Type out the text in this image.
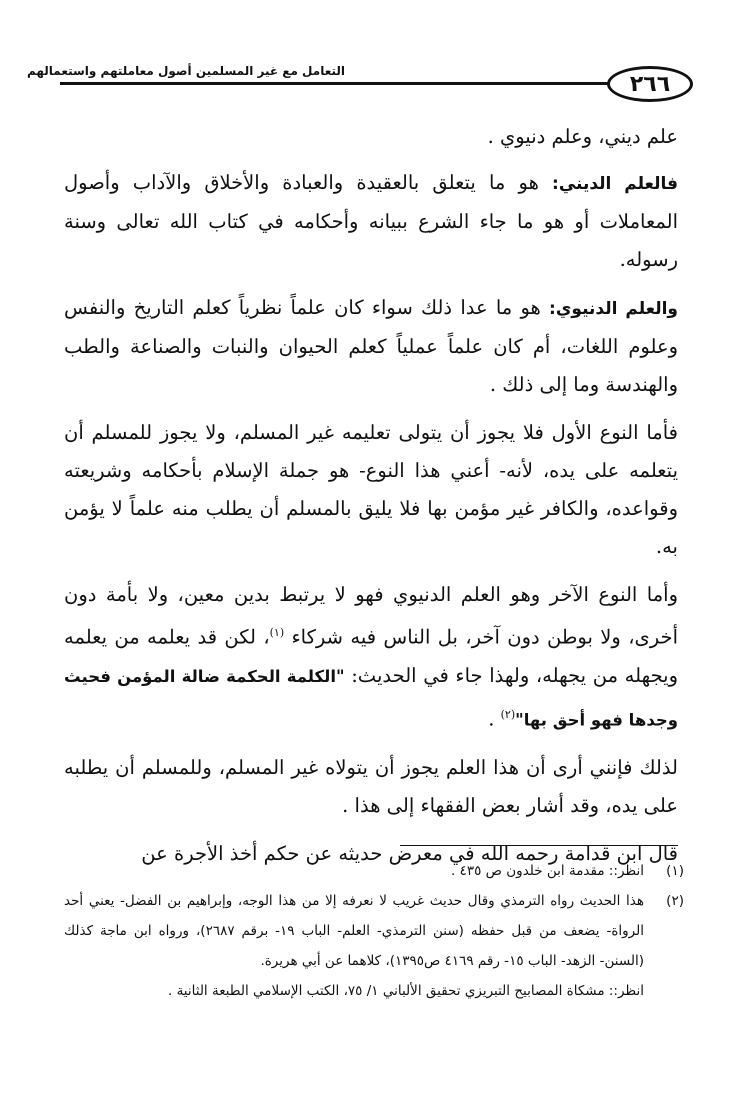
التعامل مع غير المسلمين أصول معاملتهم واستعمالهم
٢٦٦

علم ديني، وعلم دنيوي .

فالعلم الديني: هو ما يتعلق بالعقيدة والعبادة والأخلاق والآداب وأصول المعاملات أو هو ما جاء الشرع ببيانه وأحكامه في كتاب الله تعالى وسنة رسوله.

والعلم الدنيوي: هو ما عدا ذلك سواء كان علماً نظرياً كعلم التاريخ والنفس وعلوم اللغات، أم كان علماً عملياً كعلم الحيوان والنبات والصناعة والطب والهندسة وما إلى ذلك .

فأما النوع الأول فلا يجوز أن يتولى تعليمه غير المسلم، ولا يجوز للمسلم أن يتعلمه على يده، لأنه- أعني هذا النوع- هو جملة الإسلام بأحكامه وشريعته وقواعده، والكافر غير مؤمن بها فلا يليق بالمسلم أن يطلب منه علماً لا يؤمن به.

وأما النوع الآخر وهو العلم الدنيوي فهو لا يرتبط بدين معين، ولا بأمة دون أخرى، ولا بوطن دون آخر، بل الناس فيه شركاء $^{(١)}$، لكن قد يعلمه من يعلمه ويجهله من يجهله، ولهذا جاء في الحديث: "الكلمة الحكمة ضالة المؤمن فحيث وجدها فهو أحق بها"$^{(٢)}$ .

لذلك فإنني أرى أن هذا العلم يجوز أن يتولاه غير المسلم، وللمسلم أن يطلبه على يده، وقد أشار بعض الفقهاء إلى هذا .

قال ابن قدامة رحمه الله في معرض حديثه عن حكم أخذ الأجرة عن

(١)
انظر:: مقدمة ابن خلدون ص ٤٣٥ .
(٢)
هذا الحديث رواه الترمذي وقال حديث غريب لا نعرفه إلا من هذا الوجه، وإبراهيم بن الفضل- يعني أحد الرواة- يضعف من قبل حفظه (سنن الترمذي- العلم- الباب ١٩- برقم ٢٦٨٧)، ورواه ابن ماجة كذلك (السنن- الزهد- الباب ١٥- رقم ٤١٦٩ ص١٣٩٥)، كلاهما عن أبي هريرة.
انظر:: مشكاة المصابيح التبريزي تحقيق الألباني ١/ ٧٥، الكتب الإسلامي الطبعة الثانية .
